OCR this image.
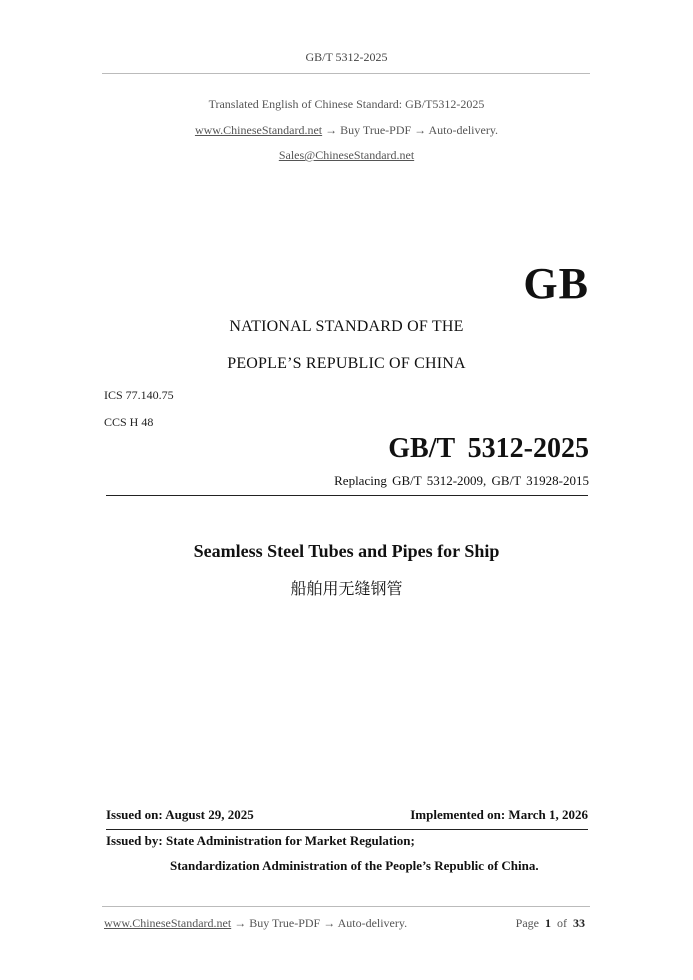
GB/T 5312-2025
Translated English of Chinese Standard: GB/T5312-2025
www.ChineseStandard.net → Buy True-PDF → Auto-delivery.
Sales@ChineseStandard.net
GB
NATIONAL STANDARD OF THE
PEOPLE’S REPUBLIC OF CHINA
ICS 77.140.75
CCS H 48
GB/T 5312-2025
Replacing GB/T 5312-2009, GB/T 31928-2015
Seamless Steel Tubes and Pipes for Ship
船舶用无缝钢管
Issued on: August 29, 2025	Implemented on: March 1, 2026
Issued by: State Administration for Market Regulation;
Standardization Administration of the People’s Republic of China.
www.ChineseStandard.net → Buy True-PDF → Auto-delivery.	Page 1 of 33
